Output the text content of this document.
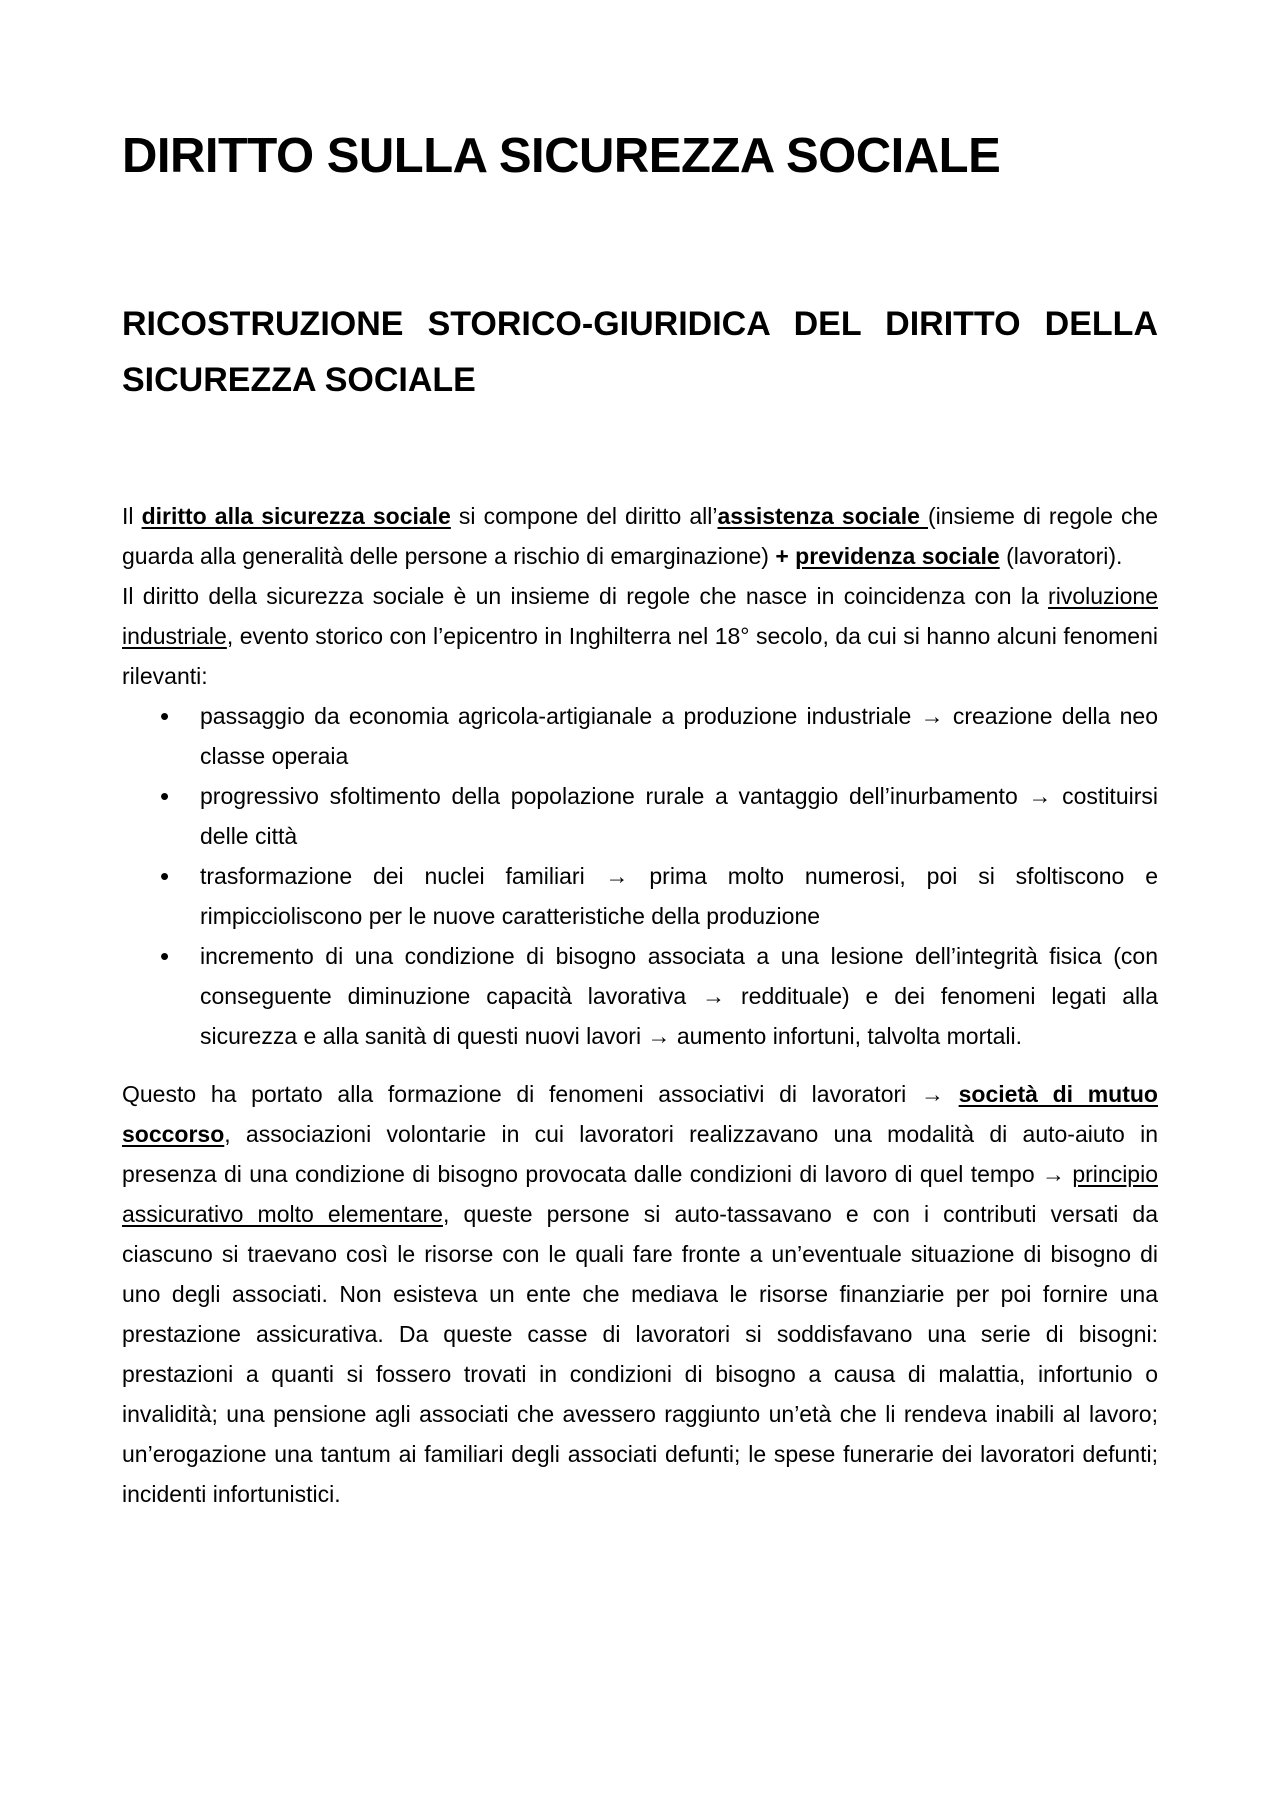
DIRITTO SULLA SICUREZZA SOCIALE
RICOSTRUZIONE STORICO-GIURIDICA DEL DIRITTO DELLA SICUREZZA SOCIALE

Il diritto alla sicurezza sociale si compone del diritto all’assistenza sociale (insieme di regole che guarda alla generalità delle persone a rischio di emarginazione) + previdenza sociale (lavoratori).

Il diritto della sicurezza sociale è un insieme di regole che nasce in coincidenza con la rivoluzione industriale, evento storico con l’epicentro in Inghilterra nel 18° secolo, da cui si hanno alcuni fenomeni rilevanti:

• passaggio da economia agricola-artigianale a produzione industriale → creazione della neo classe operaia
• progressivo sfoltimento della popolazione rurale a vantaggio dell’inurbamento → costituirsi delle città
• trasformazione dei nuclei familiari → prima molto numerosi, poi si sfoltiscono e rimpiccioliscono per le nuove caratteristiche della produzione
• incremento di una condizione di bisogno associata a una lesione dell’integrità fisica (con conseguente diminuzione capacità lavorativa → reddituale) e dei fenomeni legati alla sicurezza e alla sanità di questi nuovi lavori → aumento infortuni, talvolta mortali.

Questo ha portato alla formazione di fenomeni associativi di lavoratori → società di mutuo soccorso, associazioni volontarie in cui lavoratori realizzavano una modalità di auto-aiuto in presenza di una condizione di bisogno provocata dalle condizioni di lavoro di quel tempo → principio assicurativo molto elementare, queste persone si auto-tassavano e con i contributi versati da ciascuno si traevano così le risorse con le quali fare fronte a un’eventuale situazione di bisogno di uno degli associati. Non esisteva un ente che mediava le risorse finanziarie per poi fornire una prestazione assicurativa. Da queste casse di lavoratori si soddisfavano una serie di bisogni: prestazioni a quanti si fossero trovati in condizioni di bisogno a causa di malattia, infortunio o invalidità; una pensione agli associati che avessero raggiunto un’età che li rendeva inabili al lavoro; un’erogazione una tantum ai familiari degli associati defunti; le spese funerarie dei lavoratori defunti; incidenti infortunistici.
